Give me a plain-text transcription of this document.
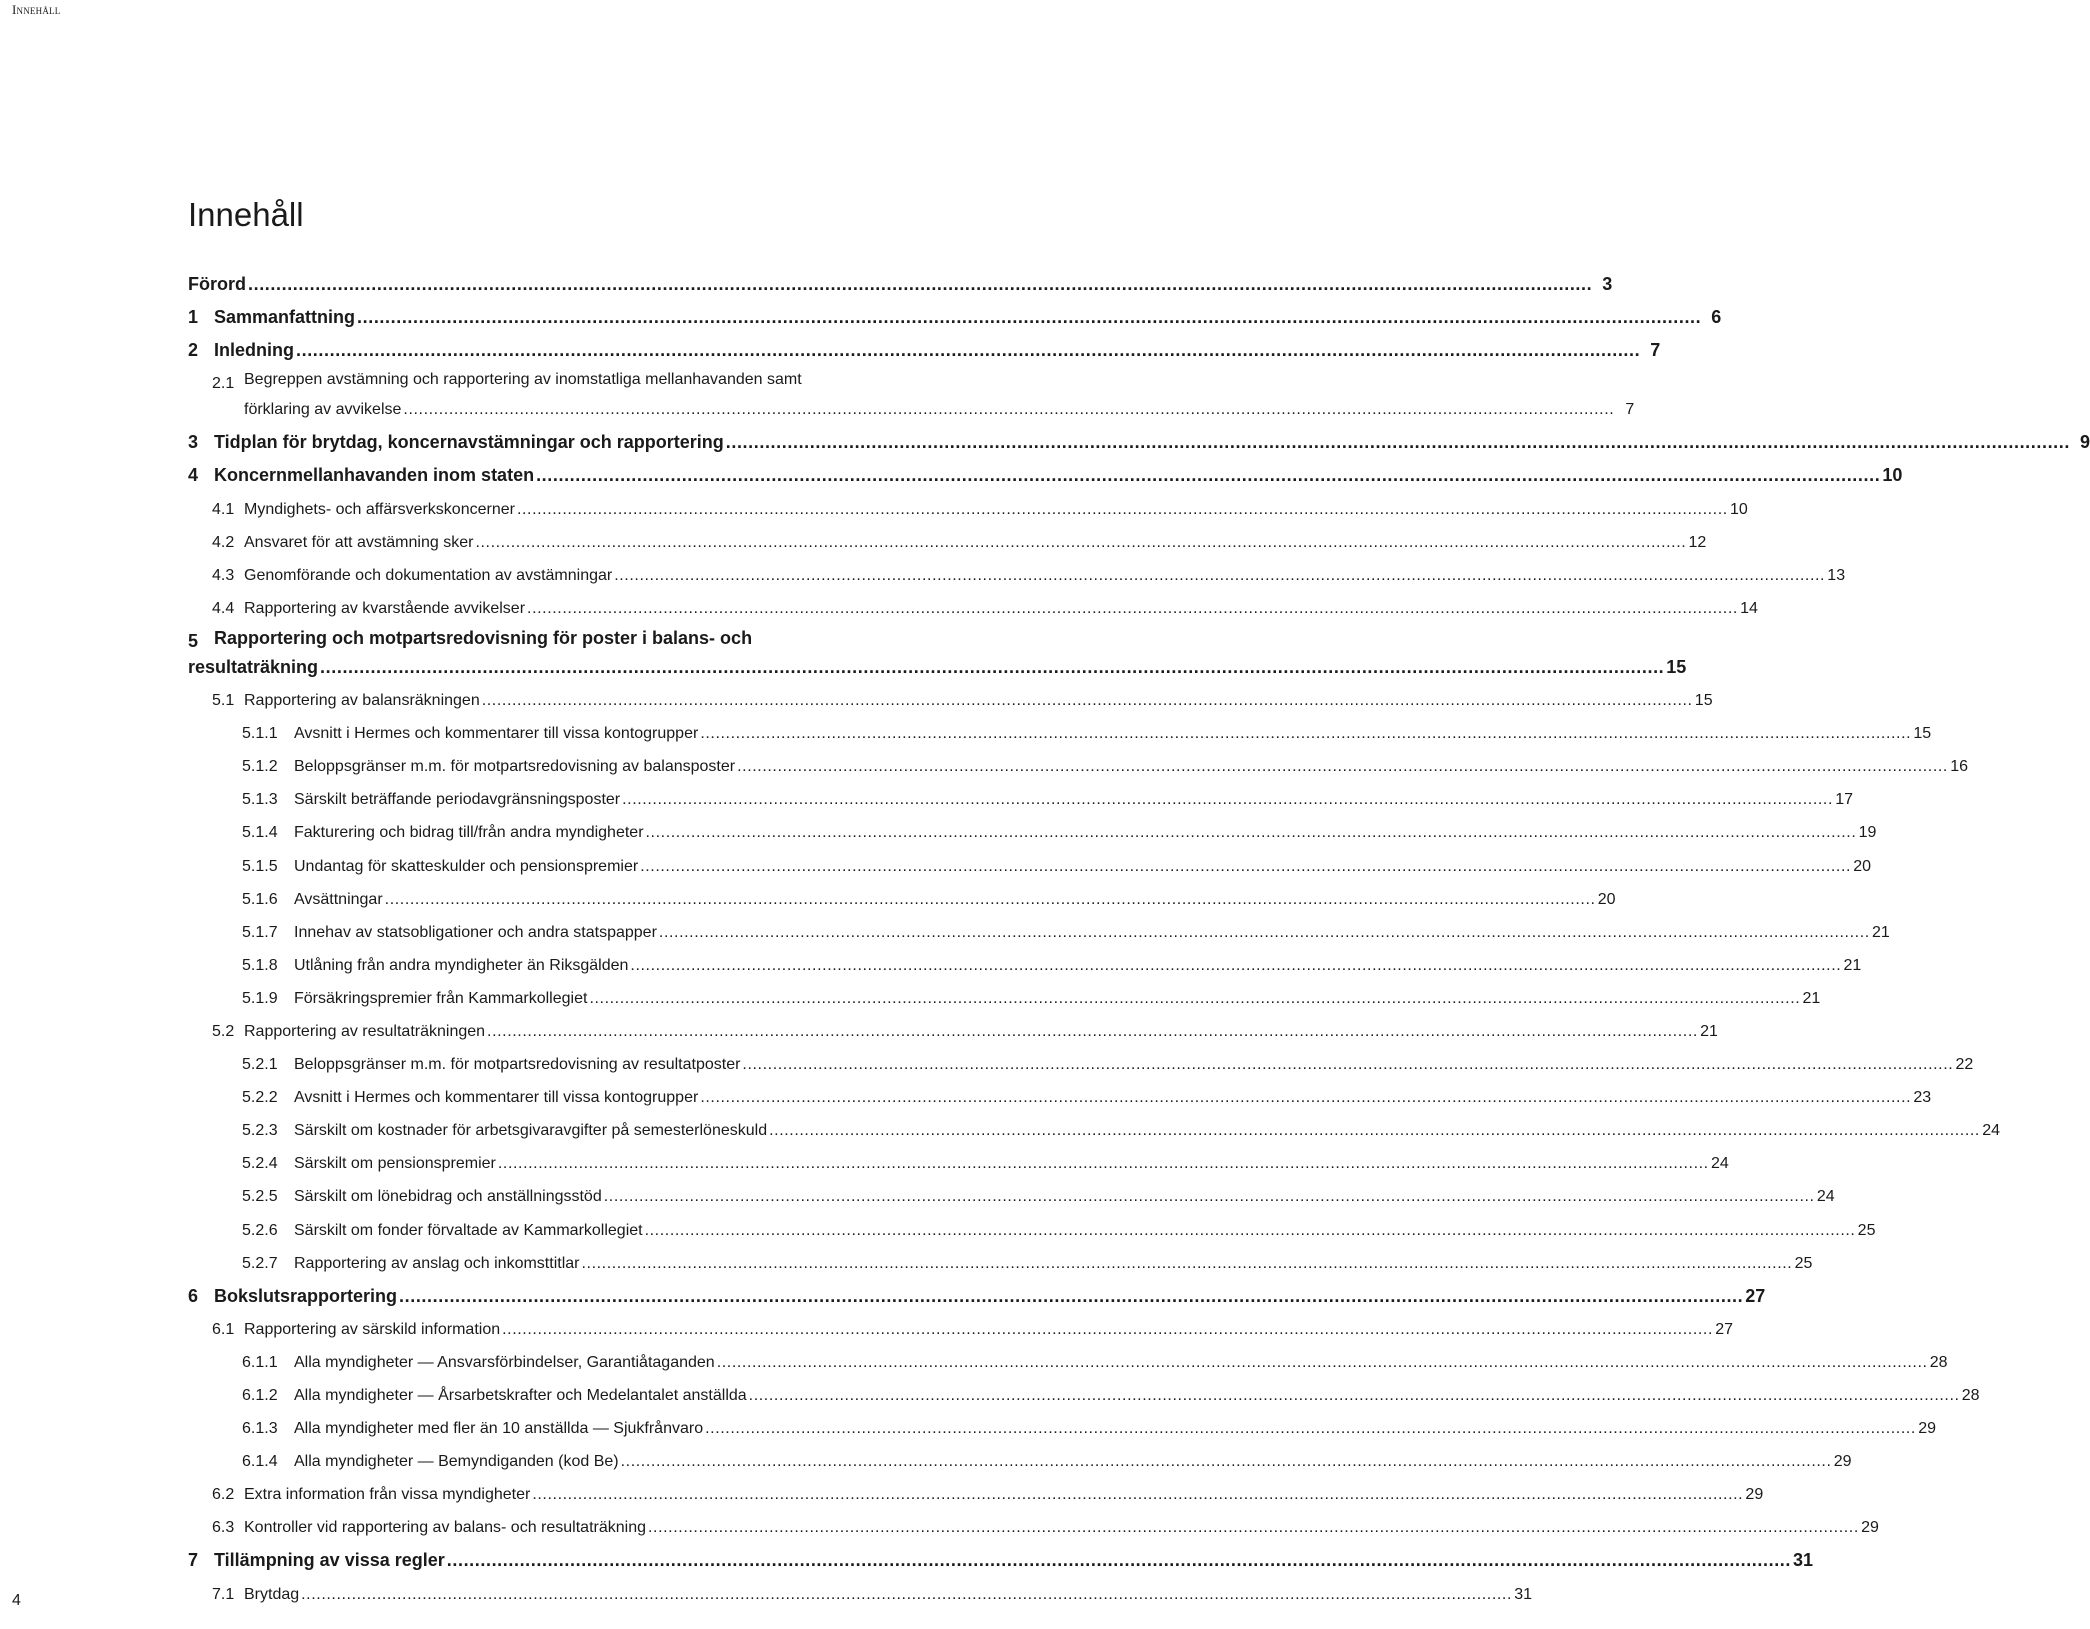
Innehåll
Innehåll
Förord .....	3
1 Sammanfattning .....	6
2 Inledning .....	7
2.1 Begreppen avstämning och rapportering av inomstatliga mellanhavanden samt
förklaring av avvikelse .....	7
3 Tidplan för brytdag, koncernavstämningar och rapportering .....	9
4 Koncernmellanhavanden inom staten .....	10
4.1 Myndighets- och affärsverkskoncerner .....	10
4.2 Ansvaret för att avstämning sker .....	12
4.3 Genomförande och dokumentation av avstämningar .....	13
4.4 Rapportering av kvarstående avvikelser .....	14
5 Rapportering och motpartsredovisning för poster i balans- och
resultaträkning .....	15
5.1 Rapportering av balansräkningen .....	15
5.1.1	Avsnitt i Hermes och kommentarer till vissa kontogrupper .....	15
5.1.2	Beloppsgränser m.m. för motpartsredovisning av balansposter .....	16
5.1.3	Särskilt beträffande periodavgränsningsposter .....	17
5.1.4	Fakturering och bidrag till/från andra myndigheter .....	19
5.1.5	Undantag för skatteskulder och pensionspremier .....	20
5.1.6	Avsättningar .....	20
5.1.7	Innehav av statsobligationer och andra statspapper .....	21
5.1.8	Utlåning från andra myndigheter än Riksgälden .....	21
5.1.9	Försäkringspremier från Kammarkollegiet .....	21
5.2 Rapportering av resultaträkningen .....	21
5.2.1	Beloppsgränser m.m. för motpartsredovisning av resultatposter .....	22
5.2.2	Avsnitt i Hermes och kommentarer till vissa kontogrupper .....	23
5.2.3	Särskilt om kostnader för arbetsgivaravgifter på semesterlöneskuld .....	24
5.2.4	Särskilt om pensionspremier .....	24
5.2.5	Särskilt om lönebidrag och anställningsstöd .....	24
5.2.6	Särskilt om fonder förvaltade av Kammarkollegiet .....	25
5.2.7	Rapportering av anslag och inkomsttitlar .....	25
6 Bokslutsrapportering .....	27
6.1 Rapportering av särskild information .....	27
6.1.1	Alla myndigheter — Ansvarsförbindelser, Garantiåtaganden .....	28
6.1.2	Alla myndigheter — Årsarbetskrafter och Medelantalet anställda .....	28
6.1.3	Alla myndigheter med fler än 10 anställda — Sjukfrånvaro .....	29
6.1.4	Alla myndigheter — Bemyndiganden (kod Be) .....	29
6.2 Extra information från vissa myndigheter .....	29
6.3 Kontroller vid rapportering av balans- och resultaträkning .....	29
7 Tillämpning av vissa regler .....	31
7.1 Brytdag .....	31
4
